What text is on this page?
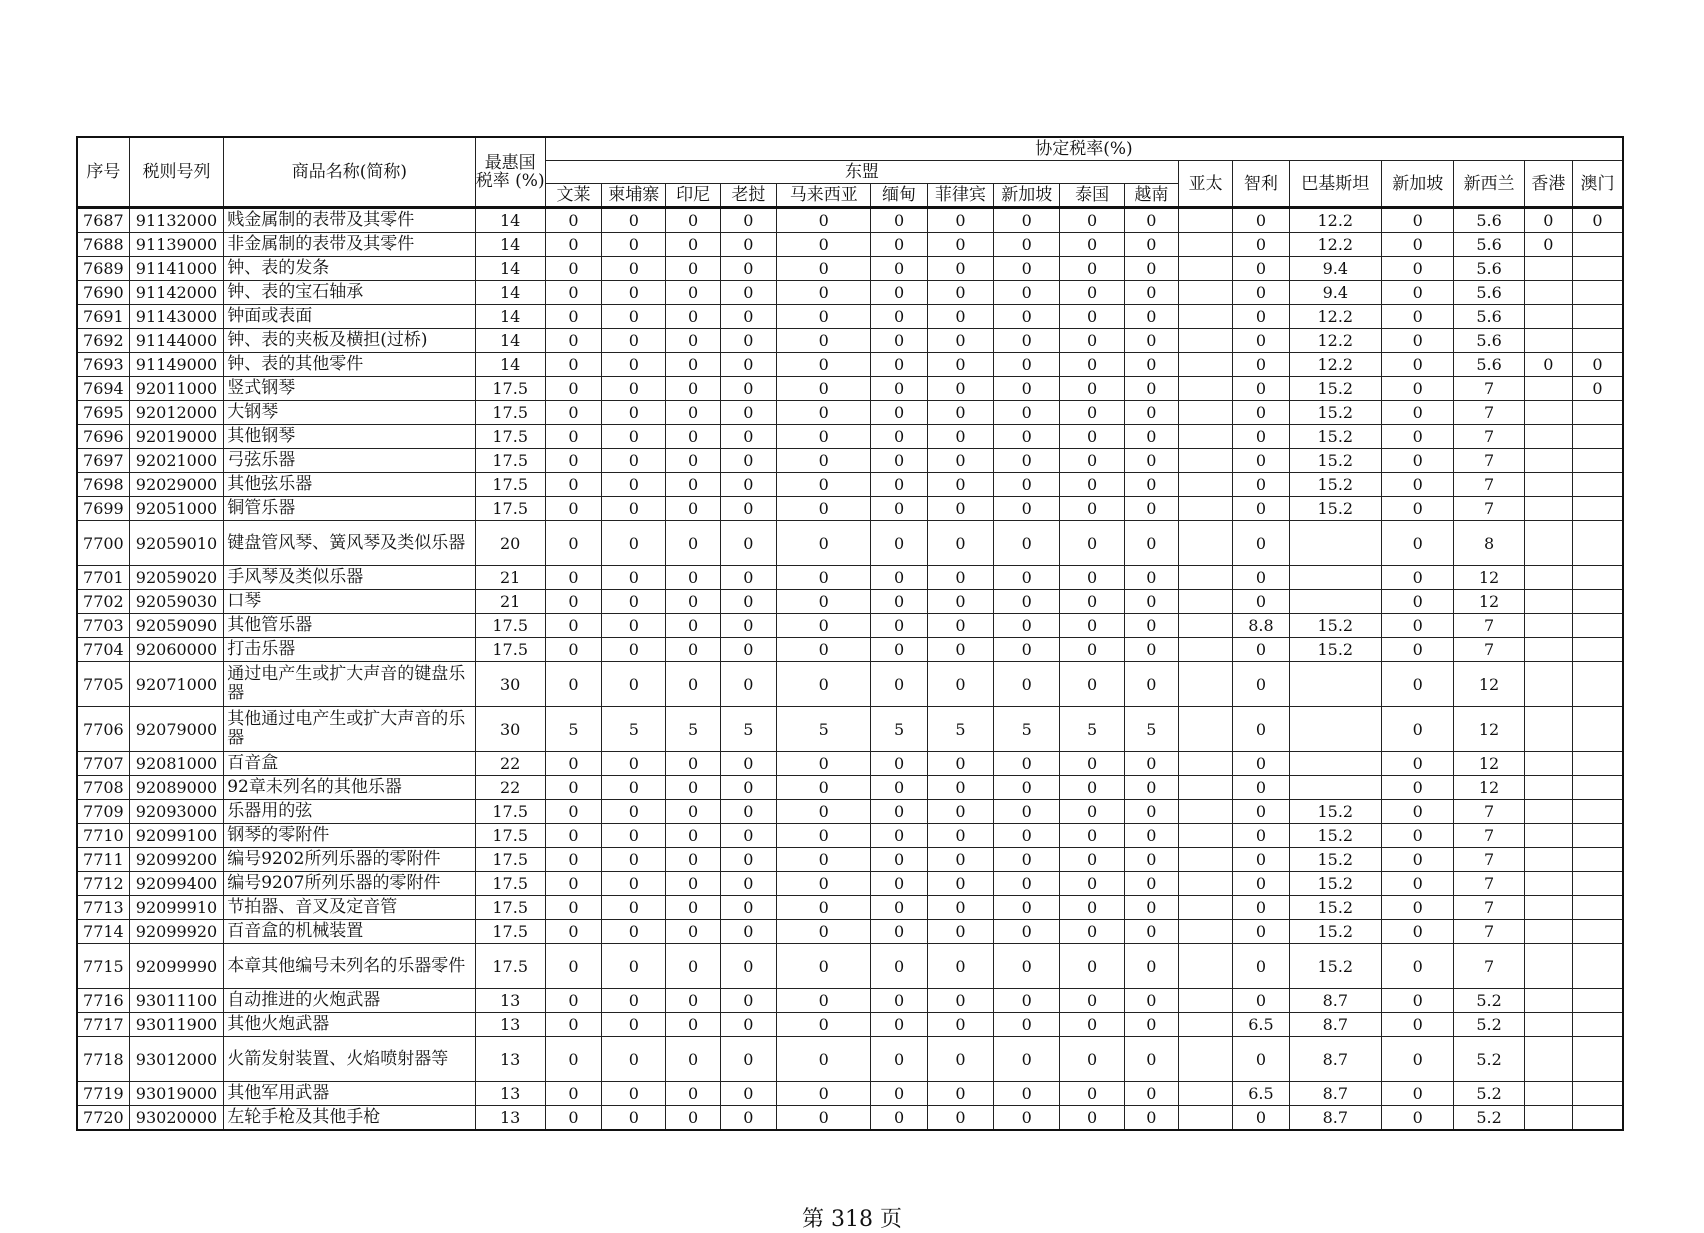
序号	税则号列	商品名称(简称)	最惠国 税率 (%)	协定税率(%)																
				东盟										亚太	智利	巴基斯坦	新加坡	新西兰	香港	澳门
				文莱	柬埔寨	印尼	老挝	马来西亚	缅甸	菲律宾	新加坡	泰国	越南							
7687	91132000	贱金属制的表带及其零件	14	0	0	0	0	0	0	0	0	0	0		0	12.2	0	5.6	0	0
7688	91139000	非金属制的表带及其零件	14	0	0	0	0	0	0	0	0	0	0		0	12.2	0	5.6	0	
7689	91141000	钟、表的发条	14	0	0	0	0	0	0	0	0	0	0		0	9.4	0	5.6		
7690	91142000	钟、表的宝石轴承	14	0	0	0	0	0	0	0	0	0	0		0	9.4	0	5.6		
7691	91143000	钟面或表面	14	0	0	0	0	0	0	0	0	0	0		0	12.2	0	5.6		
7692	91144000	钟、表的夹板及横担(过桥)	14	0	0	0	0	0	0	0	0	0	0		0	12.2	0	5.6		
7693	91149000	钟、表的其他零件	14	0	0	0	0	0	0	0	0	0	0		0	12.2	0	5.6	0	0
7694	92011000	竖式钢琴	17.5	0	0	0	0	0	0	0	0	0	0		0	15.2	0	7		0
7695	92012000	大钢琴	17.5	0	0	0	0	0	0	0	0	0	0		0	15.2	0	7		
7696	92019000	其他钢琴	17.5	0	0	0	0	0	0	0	0	0	0		0	15.2	0	7		
7697	92021000	弓弦乐器	17.5	0	0	0	0	0	0	0	0	0	0		0	15.2	0	7		
7698	92029000	其他弦乐器	17.5	0	0	0	0	0	0	0	0	0	0		0	15.2	0	7		
7699	92051000	铜管乐器	17.5	0	0	0	0	0	0	0	0	0	0		0	15.2	0	7		
7700	92059010	键盘管风琴、簧风琴及类似乐器	20	0	0	0	0	0	0	0	0	0	0		0		0	8		
7701	92059020	手风琴及类似乐器	21	0	0	0	0	0	0	0	0	0	0		0		0	12		
7702	92059030	口琴	21	0	0	0	0	0	0	0	0	0	0		0		0	12		
7703	92059090	其他管乐器	17.5	0	0	0	0	0	0	0	0	0	0		8.8	15.2	0	7		
7704	92060000	打击乐器	17.5	0	0	0	0	0	0	0	0	0	0		0	15.2	0	7		
7705	92071000	通过电产生或扩大声音的键盘乐器	30	0	0	0	0	0	0	0	0	0	0		0		0	12		
7706	92079000	其他通过电产生或扩大声音的乐器	30	5	5	5	5	5	5	5	5	5	5		0		0	12		
7707	92081000	百音盒	22	0	0	0	0	0	0	0	0	0	0		0		0	12		
7708	92089000	92章未列名的其他乐器	22	0	0	0	0	0	0	0	0	0	0		0		0	12		
7709	92093000	乐器用的弦	17.5	0	0	0	0	0	0	0	0	0	0		0	15.2	0	7		
7710	92099100	钢琴的零附件	17.5	0	0	0	0	0	0	0	0	0	0		0	15.2	0	7		
7711	92099200	编号9202所列乐器的零附件	17.5	0	0	0	0	0	0	0	0	0	0		0	15.2	0	7		
7712	92099400	编号9207所列乐器的零附件	17.5	0	0	0	0	0	0	0	0	0	0		0	15.2	0	7		
7713	92099910	节拍器、音叉及定音管	17.5	0	0	0	0	0	0	0	0	0	0		0	15.2	0	7		
7714	92099920	百音盒的机械装置	17.5	0	0	0	0	0	0	0	0	0	0		0	15.2	0	7		
7715	92099990	本章其他编号未列名的乐器零件	17.5	0	0	0	0	0	0	0	0	0	0		0	15.2	0	7		
7716	93011100	自动推进的火炮武器	13	0	0	0	0	0	0	0	0	0	0		0	8.7	0	5.2		
7717	93011900	其他火炮武器	13	0	0	0	0	0	0	0	0	0	0		6.5	8.7	0	5.2		
7718	93012000	火箭发射装置、火焰喷射器等	13	0	0	0	0	0	0	0	0	0	0		0	8.7	0	5.2		
7719	93019000	其他军用武器	13	0	0	0	0	0	0	0	0	0	0		6.5	8.7	0	5.2		
7720	93020000	左轮手枪及其他手枪	13	0	0	0	0	0	0	0	0	0	0		0	8.7	0	5.2		
第 318 页
